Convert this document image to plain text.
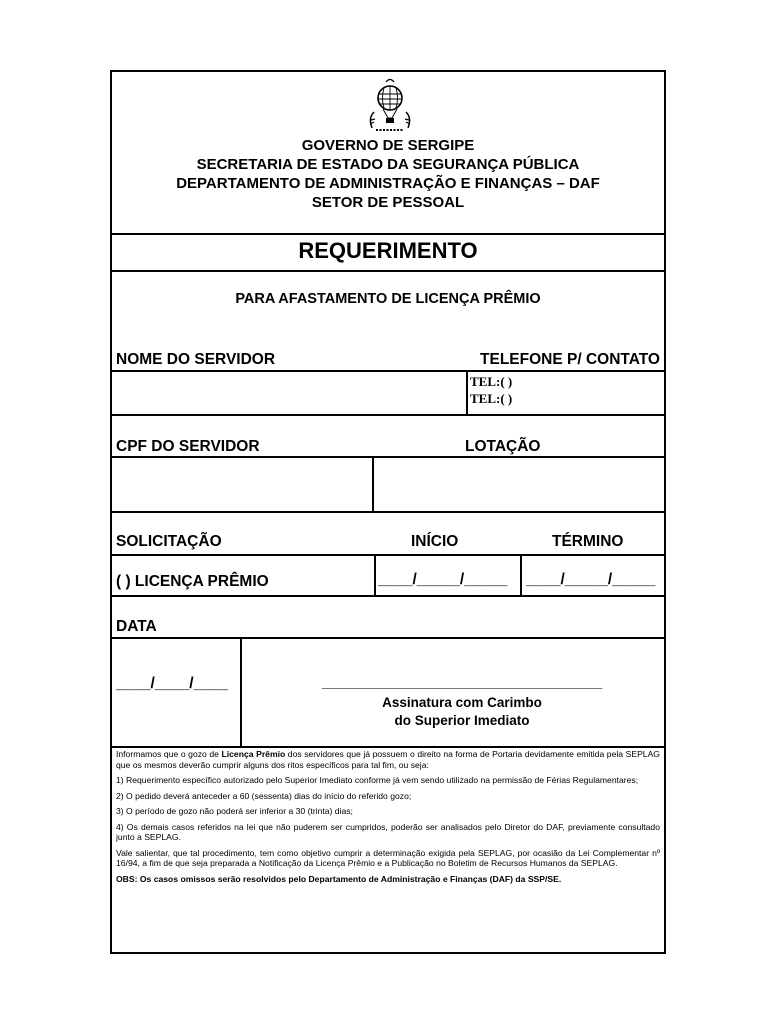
GOVERNO DE SERGIPE
SECRETARIA DE ESTADO DA SEGURANÇA PÚBLICA
DEPARTAMENTO DE ADMINISTRAÇÃO E FINANÇAS – DAF
SETOR DE PESSOAL
REQUERIMENTO
PARA AFASTAMENTO DE LICENÇA PRÊMIO
NOME DO SERVIDOR	TELEFONE P/ CONTATO
TEL:( )
TEL:( )
CPF DO SERVIDOR	LOTAÇÃO
SOLICITAÇÃO	INÍCIO	TÉRMINO
( ) LICENÇA PRÊMIO	____/_____/_____ ____/_____/_____
DATA
____/____/____	____________________________________
Assinatura com Carimbo
do Superior Imediato

Informamos que o gozo de Licença Prêmio dos servidores que já possuem o direito na forma de Portaria devidamente emitida pela SEPLAG que os mesmos deverão cumprir alguns dos ritos específicos para tal fim, ou seja:

1) Requerimento específico autorizado pelo Superior Imediato conforme já vem sendo utilizado na permissão de Férias Regulamentares;

2) O pedido deverá anteceder a 60 (sessenta) dias do início do referido gozo;

3) O período de gozo não poderá ser inferior a 30 (trinta) dias;

4) Os demais casos referidos na lei que não puderem ser cumpridos, poderão ser analisados pelo Diretor do DAF, previamente consultado junto a SEPLAG.

Vale salientar, que tal procedimento, tem como objetivo cumprir a determinação exigida pela SEPLAG, por ocasião da Lei Complementar nº 16/94, a fim de que seja preparada a Notificação da Licença Prêmio e a Publicação no Boletim de Recursos Humanos da SEPLAG.

OBS: Os casos omissos serão resolvidos pelo Departamento de Administração e Finanças (DAF) da SSP/SE.
